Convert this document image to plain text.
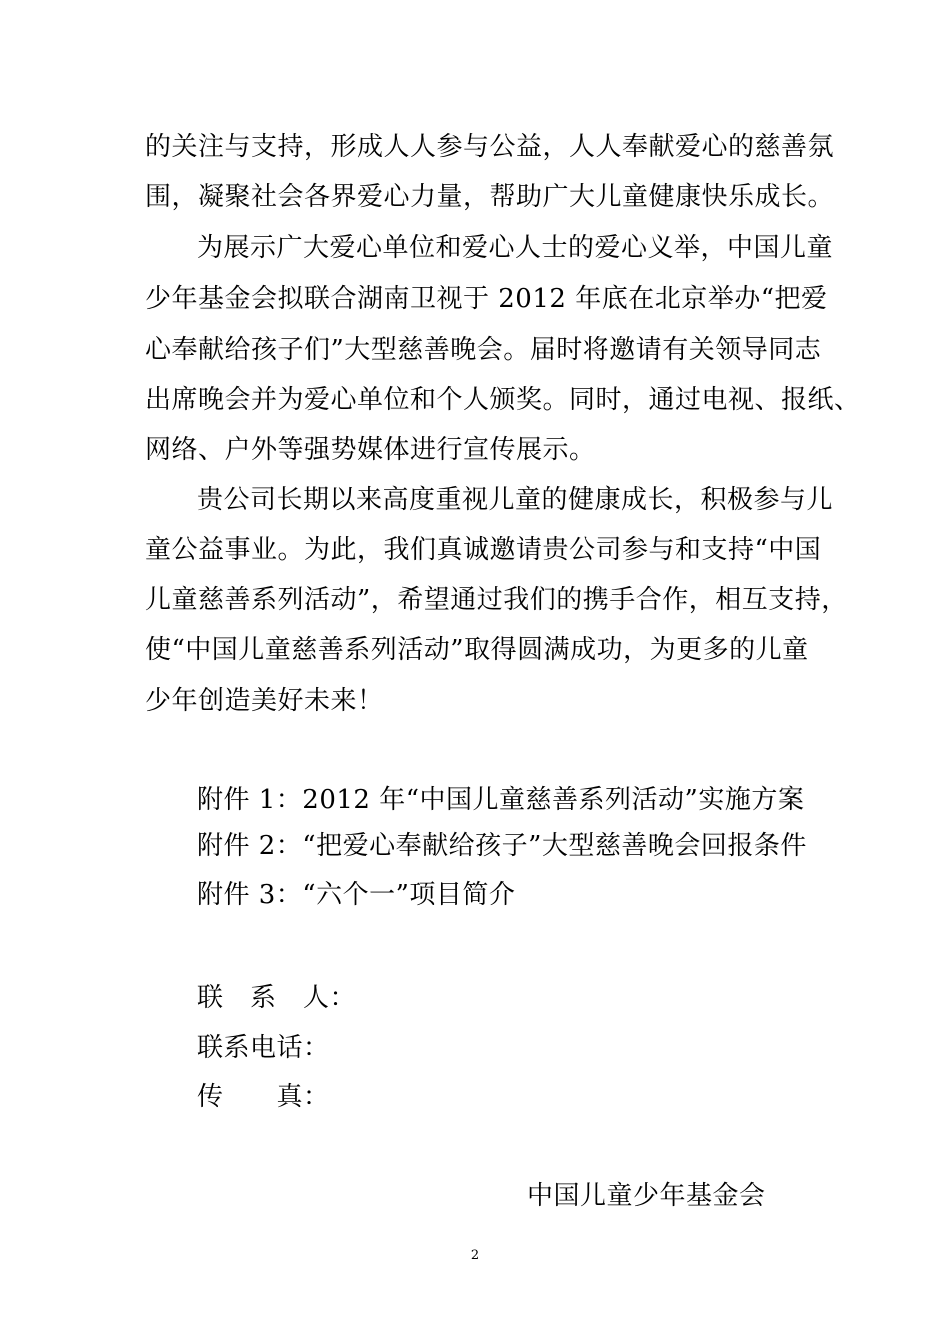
的关注与支持，形成人人参与公益，人人奉献爱心的慈善氛
围，凝聚社会各界爱心力量，帮助广大儿童健康快乐成长。
为展示广大爱心单位和爱心人士的爱心义举，中国儿童
少年基金会拟联合湖南卫视于 2012 年底在北京举办“把爱
心奉献给孩子们”大型慈善晚会。届时将邀请有关领导同志
出席晚会并为爱心单位和个人颁奖。同时，通过电视、报纸、
网络、户外等强势媒体进行宣传展示。
贵公司长期以来高度重视儿童的健康成长，积极参与儿
童公益事业。为此，我们真诚邀请贵公司参与和支持“中国
儿童慈善系列活动”，希望通过我们的携手合作，相互支持，
使“中国儿童慈善系列活动”取得圆满成功，为更多的儿童
少年创造美好未来！
附件 1：2012 年“中国儿童慈善系列活动”实施方案
附件 2：“把爱心奉献给孩子”大型慈善晚会回报条件
附件 3：“六个一”项目简介
联　系　人：
联系电话：
传　　真：
中国儿童少年基金会
2
